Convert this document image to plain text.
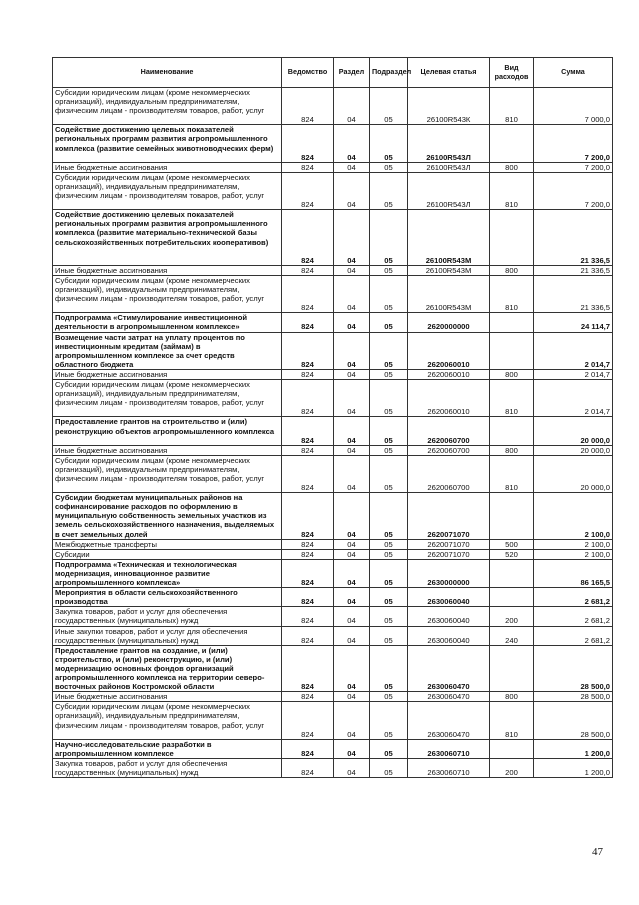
Наименование	Ведомство	Раздел	Подраздел	Целевая статья	Вид расходов	Сумма
Субсидии юридическим лицам (кроме некоммерческих организаций), индивидуальным предпринимателям, физическим лицам - производителям товаров, работ, услуг	824	04	05	26100R543К	810	7 000,0
Содействие достижению целевых показателей региональных программ развития агропромышленного комплекса (развитие семейных животноводческих ферм)	824	04	05	26100R543Л		7 200,0
Иные бюджетные ассигнования	824	04	05	26100R543Л	800	7 200,0
Субсидии юридическим лицам (кроме некоммерческих организаций), индивидуальным предпринимателям, физическим лицам - производителям товаров, работ, услуг	824	04	05	26100R543Л	810	7 200,0
Содействие достижению целевых показателей региональных программ развития агропромышленного комплекса (развитие материально-технической базы сельскохозяйственных потребительских кооперативов)	824	04	05	26100R543М		21 336,5
Иные бюджетные ассигнования	824	04	05	26100R543М	800	21 336,5
Субсидии юридическим лицам (кроме некоммерческих организаций), индивидуальным предпринимателям, физическим лицам - производителям товаров, работ, услуг	824	04	05	26100R543М	810	21 336,5
Подпрограмма «Стимулирование инвестиционной деятельности в агропромышленном комплексе»	824	04	05	2620000000		24 114,7
Возмещение части затрат на уплату процентов по инвестиционным кредитам (займам) в агропромышленном комплексе за счет средств областного бюджета	824	04	05	2620060010		2 014,7
Иные бюджетные ассигнования	824	04	05	2620060010	800	2 014,7
Субсидии юридическим лицам (кроме некоммерческих организаций), индивидуальным предпринимателям, физическим лицам - производителям товаров, работ, услуг	824	04	05	2620060010	810	2 014,7
Предоставление грантов на строительство и (или) реконструкцию объектов агропромышленного комплекса	824	04	05	2620060700		20 000,0
Иные бюджетные ассигнования	824	04	05	2620060700	800	20 000,0
Субсидии юридическим лицам (кроме некоммерческих организаций), индивидуальным предпринимателям, физическим лицам - производителям товаров, работ, услуг	824	04	05	2620060700	810	20 000,0
Субсидии бюджетам муниципальных районов на софинансирование расходов по оформлению в муниципальную собственность земельных участков из земель сельскохозяйственного назначения, выделяемых в счет земельных долей	824	04	05	2620071070		2 100,0
Межбюджетные трансферты	824	04	05	2620071070	500	2 100,0
Субсидии	824	04	05	2620071070	520	2 100,0
Подпрограмма «Техническая и технологическая модернизация, инновационное развитие агропромышленного комплекса»	824	04	05	2630000000		86 165,5
Мероприятия в области сельскохозяйственного производства	824	04	05	2630060040		2 681,2
Закупка товаров, работ и услуг для обеспечения государственных (муниципальных) нужд	824	04	05	2630060040	200	2 681,2
Иные закупки товаров, работ и услуг для обеспечения государственных (муниципальных) нужд	824	04	05	2630060040	240	2 681,2
Предоставление грантов на создание, и (или) строительство, и (или) реконструкцию, и (или) модернизацию основных фондов организаций агропромышленного комплекса на территории северо-восточных районов Костромской области	824	04	05	2630060470		28 500,0
Иные бюджетные ассигнования	824	04	05	2630060470	800	28 500,0
Субсидии юридическим лицам (кроме некоммерческих организаций), индивидуальным предпринимателям, физическим лицам - производителям товаров, работ, услуг	824	04	05	2630060470	810	28 500,0
Научно-исследовательские разработки в агропромышленном комплексе	824	04	05	2630060710		1 200,0
Закупка товаров, работ и услуг для обеспечения государственных (муниципальных) нужд	824	04	05	2630060710	200	1 200,0
47
